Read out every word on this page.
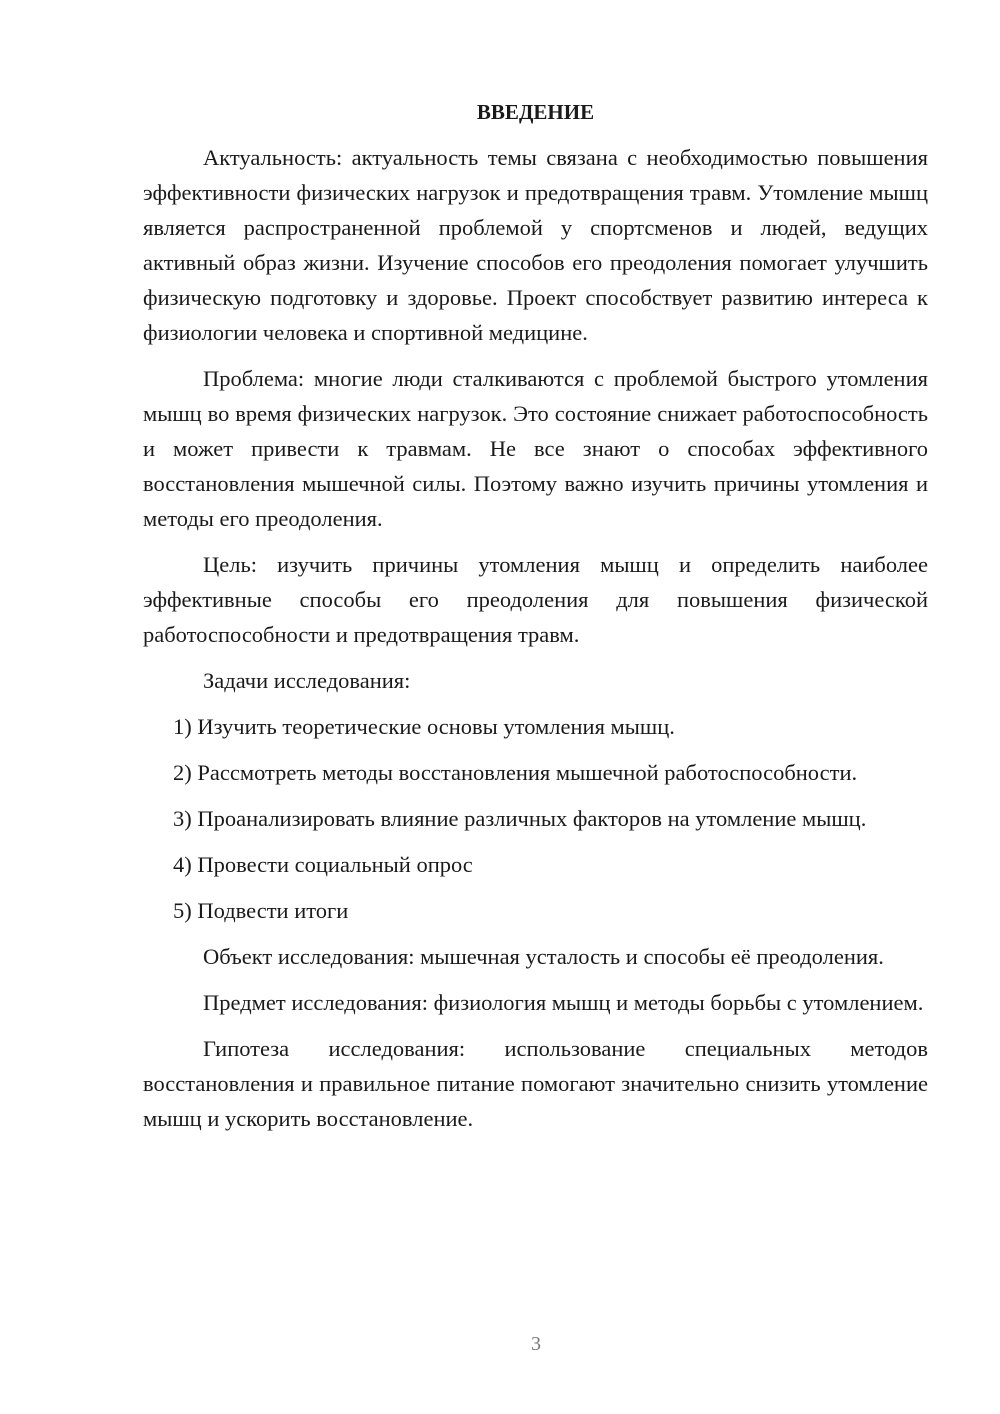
ВВЕДЕНИЕ

Актуальность: актуальность темы связана с необходимостью повышения эффективности физических нагрузок и предотвращения травм. Утомление мышц является распространенной проблемой у спортсменов и людей, ведущих активный образ жизни. Изучение способов его преодоления помогает улучшить физическую подготовку и здоровье. Проект способствует развитию интереса к физиологии человека и спортивной медицине.

Проблема: многие люди сталкиваются с проблемой быстрого утомления мышц во время физических нагрузок. Это состояние снижает работоспособность и может привести к травмам. Не все знают о способах эффективного восстановления мышечной силы. Поэтому важно изучить причины утомления и методы его преодоления.

Цель: изучить причины утомления мышц и определить наиболее эффективные способы его преодоления для повышения физической работоспособности и предотвращения травм.

Задачи исследования:

1) Изучить теоретические основы утомления мышц.

2) Рассмотреть методы восстановления мышечной работоспособности.

3) Проанализировать влияние различных факторов на утомление мышц.

4) Провести социальный опрос

5) Подвести итоги

Объект исследования: мышечная усталость и способы её преодоления.

Предмет исследования: физиология мышц и методы борьбы с утомлением.

Гипотеза исследования: использование специальных методов восстановления и правильное питание помогают значительно снизить утомление мышц и ускорить восстановление.

3
